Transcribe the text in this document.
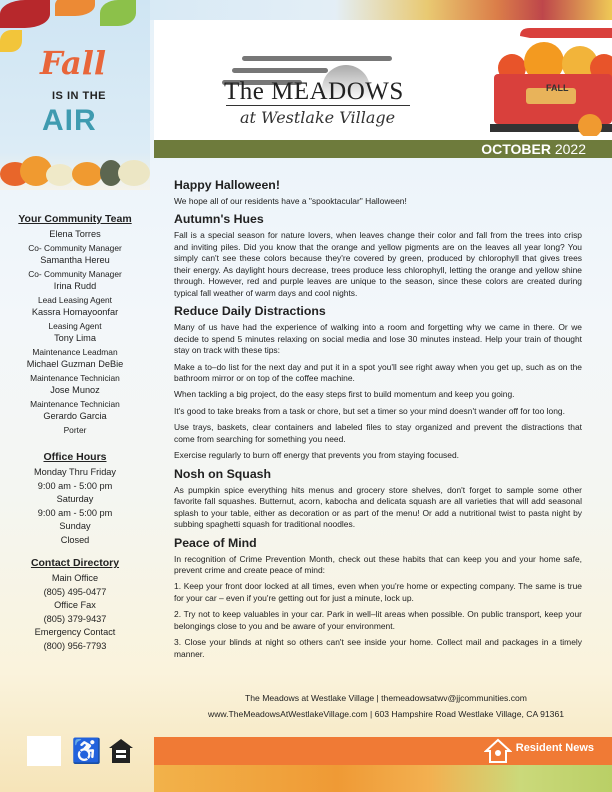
Fall
IS IN THE
AIR
Your Community Team
Elena Torres
Co- Community Manager
Samantha Hereu
Co- Community Manager
Irina Rudd
Lead Leasing Agent
Kassra Homayoonfar
Leasing Agent
Tony Lima
Maintenance Leadman
Michael Guzman DeBie
Maintenance Technician
Jose Munoz
Maintenance Technician
Gerardo Garcia
Porter
Office Hours
Monday Thru Friday
9:00 am - 5:00 pm
Saturday
9:00 am - 5:00 pm
Sunday
Closed
Contact Directory
Main Office
(805) 495-0477
Office Fax
(805) 379-9437
Emergency Contact
(800) 956-7793
♿
The MEADOWS
at Westlake Village
FALL
OCTOBER 2022
Happy Halloween!

We hope all of our residents have a "spooktacular" Halloween!

Autumn's Hues

Fall is a special season for nature lovers, when leaves change their color and fall from the trees into crisp and inviting piles. Did you know that the orange and yellow pigments are on the leaves all year long? You simply can't see these colors because they're covered by green, produced by chlorophyll that gives trees their energy. As daylight hours decrease, trees produce less chlorophyll, letting the orange and yellow shine through. However, red and purple leaves are unique to the season, since these colors are created during typical fall weather of warm days and cool nights.

Reduce Daily Distractions

Many of us have had the experience of walking into a room and forgetting why we came in there. Or we decide to spend 5 minutes relaxing on social media and lose 30 minutes instead. Help your train of thought stay on track with these tips:

Make a to–do list for the next day and put it in a spot you'll see right away when you get up, such as on the bathroom mirror or on top of the coffee machine.

When tackling a big project, do the easy steps first to build momentum and keep you going.

It's good to take breaks from a task or chore, but set a timer so your mind doesn't wander off for too long.

Use trays, baskets, clear containers and labeled files to stay organized and prevent the distractions that come from searching for something you need.

Exercise regularly to burn off energy that prevents you from staying focused.

Nosh on Squash

As pumpkin spice everything hits menus and grocery store shelves, don't forget to sample some other favorite fall squashes. Butternut, acorn, kabocha and delicata squash are all varieties that will add seasonal splash to your table, either as decoration or as part of the menu! Or add a nutritional twist to pasta night by subbing spaghetti squash for traditional noodles.

Peace of Mind

In recognition of Crime Prevention Month, check out these habits that can keep you and your home safe, prevent crime and create peace of mind:

1. Keep your front door locked at all times, even when you're home or expecting company. The same is true for your car – even if you're getting out for just a minute, lock up.

2. Try not to keep valuables in your car. Park in well–lit areas when possible. On public transport, keep your belongings close to you and be aware of your environment.

3. Close your blinds at night so others can't see inside your home. Collect mail and packages in a timely manner.

The Meadows at Westlake Village | themeadowsatwv@jjcommunities.com
www.TheMeadowsAtWestlakeVillage.com | 603 Hampshire Road Westlake Village, CA 91361
Resident News
